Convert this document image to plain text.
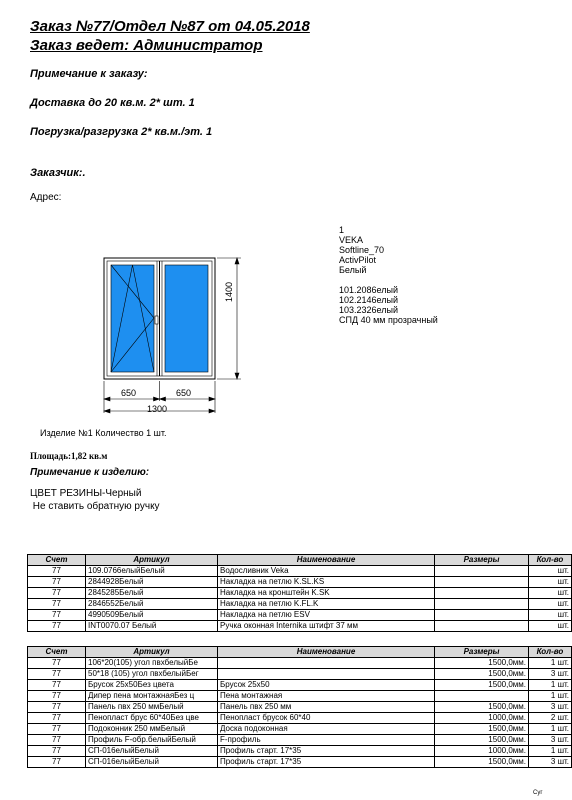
Заказ №77/Отдел №87 от 04.05.2018
Заказ ведет: Администратор
Примечание к заказу:
Доставка до 20 кв.м. 2* шт. 1
Погрузка/разгрузка 2* кв.м./эт. 1
Заказчик:.
Адрес:
1400
650	650
1300
1
VEKA
Softline_70
ActivPilot
Белый
101.2086елый
102.2146елый
103.2326елый
СПД 40 мм прозрачный
Изделие №1 Количество 1 шт.
Площадь:1,82 кв.м
Примечание к изделию:
ЦВЕТ РЕЗИНЫ-Черный
Не ставить обратную ручку
Счет	Артикул	Наименование	Размеры	Кол-во
77	109.0766елыйБелый	Водосливник Veka		шт.
77	2844928Белый	Накладка на петлю K.SL.KS		шт.
77	2845285Белый	Накладка на кронштейн K.SK		шт.
77	2846552Белый	Накладка на петлю K.FL.K		шт.
77	4990509Белый	Накладка на петлю ESV		шт.
77	INT0070.07 Белый	Ручка оконная Internika штифт 37 мм		шт.
Счет	Артикул	Наименование	Размеры	Кол-во
77	106*20(105) угол пвхбелыйБе		1500,0мм.	1 шт.
77	50*18 (105) угол пвхбелыйБег		1500,0мм.	3 шт.
77	Брусок 25х50Без цвета	Брусок 25х50	1500,0мм.	1 шт.
77	Дипер пена монтажнаяБез ц	Пена монтажная		1 шт.
77	Панель пвх 250 ммБелый	Панель пвх 250 мм	1500,0мм.	3 шт.
77	Пенопласт брус 60*40Без цве	Пенопласт брусок 60*40	1000,0мм.	2 шт.
77	Подоконник 250 ммБелый	Доска подоконная	1500,0мм.	1 шт.
77	Профиль F-обр.белыйБелый	F-профиль	1500,0мм.	3 шт.
77	СП-016елыйБелый	Профиль старт. 17*35	1000,0мм.	1 шт.
77	СП-016елыйБелый	Профиль старт. 17*35	1500,0мм.	3 шт.
Cуг
